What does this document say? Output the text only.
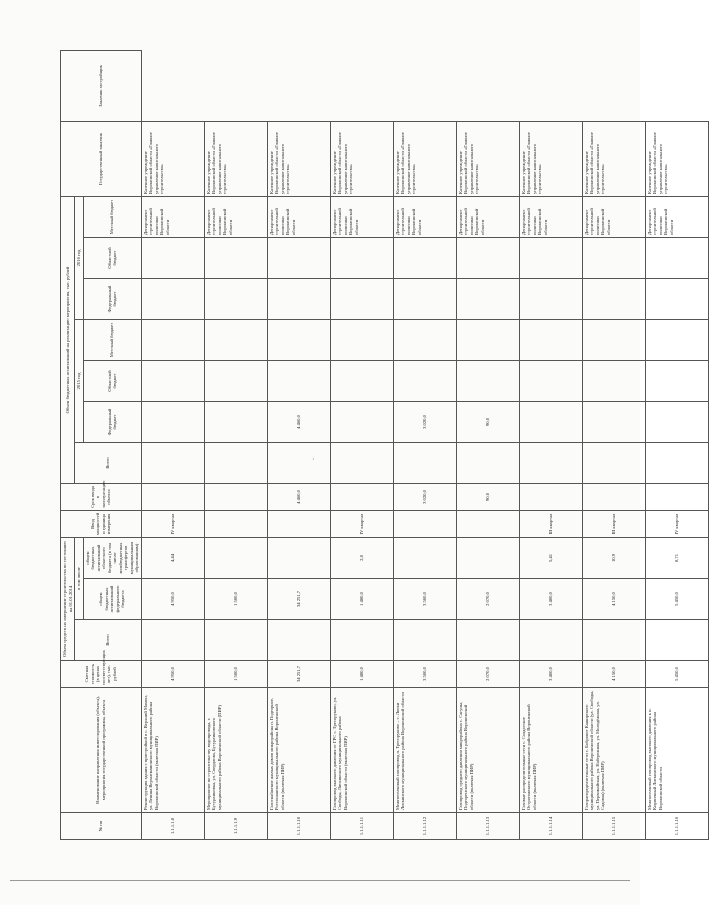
№ пп	Наименование направления инвестирования (объекта), мероприятия государственной программы, объекта	Сметная стоимость (в ценах соответствующих лет), тыс. рублей	Объем средств на завершение строительства по состоянию на 01.01.2014			Ввод мощностей и единица измерения	Срок ввода в эксплуатацию объекта	Объем бюджетных ассигнований на реализацию мероприятия, тыс. рублей							Государственный заказчик	Заказчик застройщик
			Всего	в том числе				Всего	2015 год			2016 год				
				общем бюджетных ассигнований федерального бюджета	общем бюджетных ассигнований областного бюджета (в том числе межбюджетных трансфертов муниципальным образованиям)				Федеральный бюджет	Областной бюджет	Местный бюджет	Федеральный бюджет	Областной бюджет	Местный бюджет		
1.1.1.1.8	Реконструкция здания с пристройкой в с. Верхний Мамон, ул. Ленина Верхнемамонского муниципального района Воронежской области (включая ПИР)	4 950,0		4 950,0	4,44	IV квартал								Департамент строительной политики Воронежской области	Казенное учреждение Воронежской области «Главное управление капитального строительства»	
1.1.1.1.9	Мероприятие по строительству водопровода, г. Бутурлиновка, ул. Свердлова, Бутурлиновского муниципального района Воронежской области (ПИР)	1 500,0		1 500,0										Департамент строительной политики Воронежской области	Казенное учреждение Воронежской области «Главное управление капитального строительства»	
1.1.1.1.10	Газоснабжение жилых домов микрорайона п. Подгорное, Россошанского муниципального района Воронежской области (включая ПИР)	34 251,7		34 251,7			4 460,0		4 460,0					Департамент строительной политики Воронежской области	Казенное учреждение Воронежской области «Главное управление капитального строительства»	
1.1.1.1.11	Газопровод высокого давления от ГРС с. Тресоруково, ул. Свободы, Лискинского муниципального района Воронежской области (включая ПИР)	1 480,0		1 480,0	2,8	IV квартал								Департамент строительной политики Воронежской области	Казенное учреждение Воронежской области «Главное управление капитального строительства»	
1.1.1.1.12	Межпоселковый газопровод п. Тресоруково – с. Лиски Лискинского муниципального района Воронежской области	3 500,0		3 500,0			3 020,0		3 020,0					Департамент строительной политики Воронежской области	Казенное учреждение Воронежской области «Главное управление капитального строительства»	
1.1.1.1.13	Газопровод среднего давления микрорайона с. Сагуны, Подгоренского муниципального района Воронежской области (включая ПИР)	2 070,0		2 070,0			90,0		90,0					Департамент строительной политики Воронежской области	Казенное учреждение Воронежской области «Главное управление капитального строительства»	
1.1.1.1.14	Газовые распределительные сети с. Солдатское Острогожского муниципального района Воронежской области (включая ПИР)	3 400,0		3 400,0	5,41	III квартал								Департамент строительной политики Воронежской области	Казенное учреждение Воронежской области «Главное управление капитального строительства»	
1.1.1.1.15	Газораспределительные сети с. Бобровое Каширского муниципального района Воронежской области (ул. Свободы, ул. Первомайская, ул. Набережная, ул. Молодёжная, ул. Садовая) (включая ПИР)	4 150,0		4 150,0	10,9	III квартал								Департамент строительной политики Воронежской области	Казенное учреждение Воронежской области «Главное управление капитального строительства»	
1.1.1.1.16	Межпоселковый газопровод высокого давления к п. Кирпичный Лискинского муниципального района Воронежской области	5 450,0		5 450,0	8,71	IV квартал								Департамент строительной политики Воронежской области	Казенное учреждение Воронежской области «Главное управление капитального строительства»	
·
